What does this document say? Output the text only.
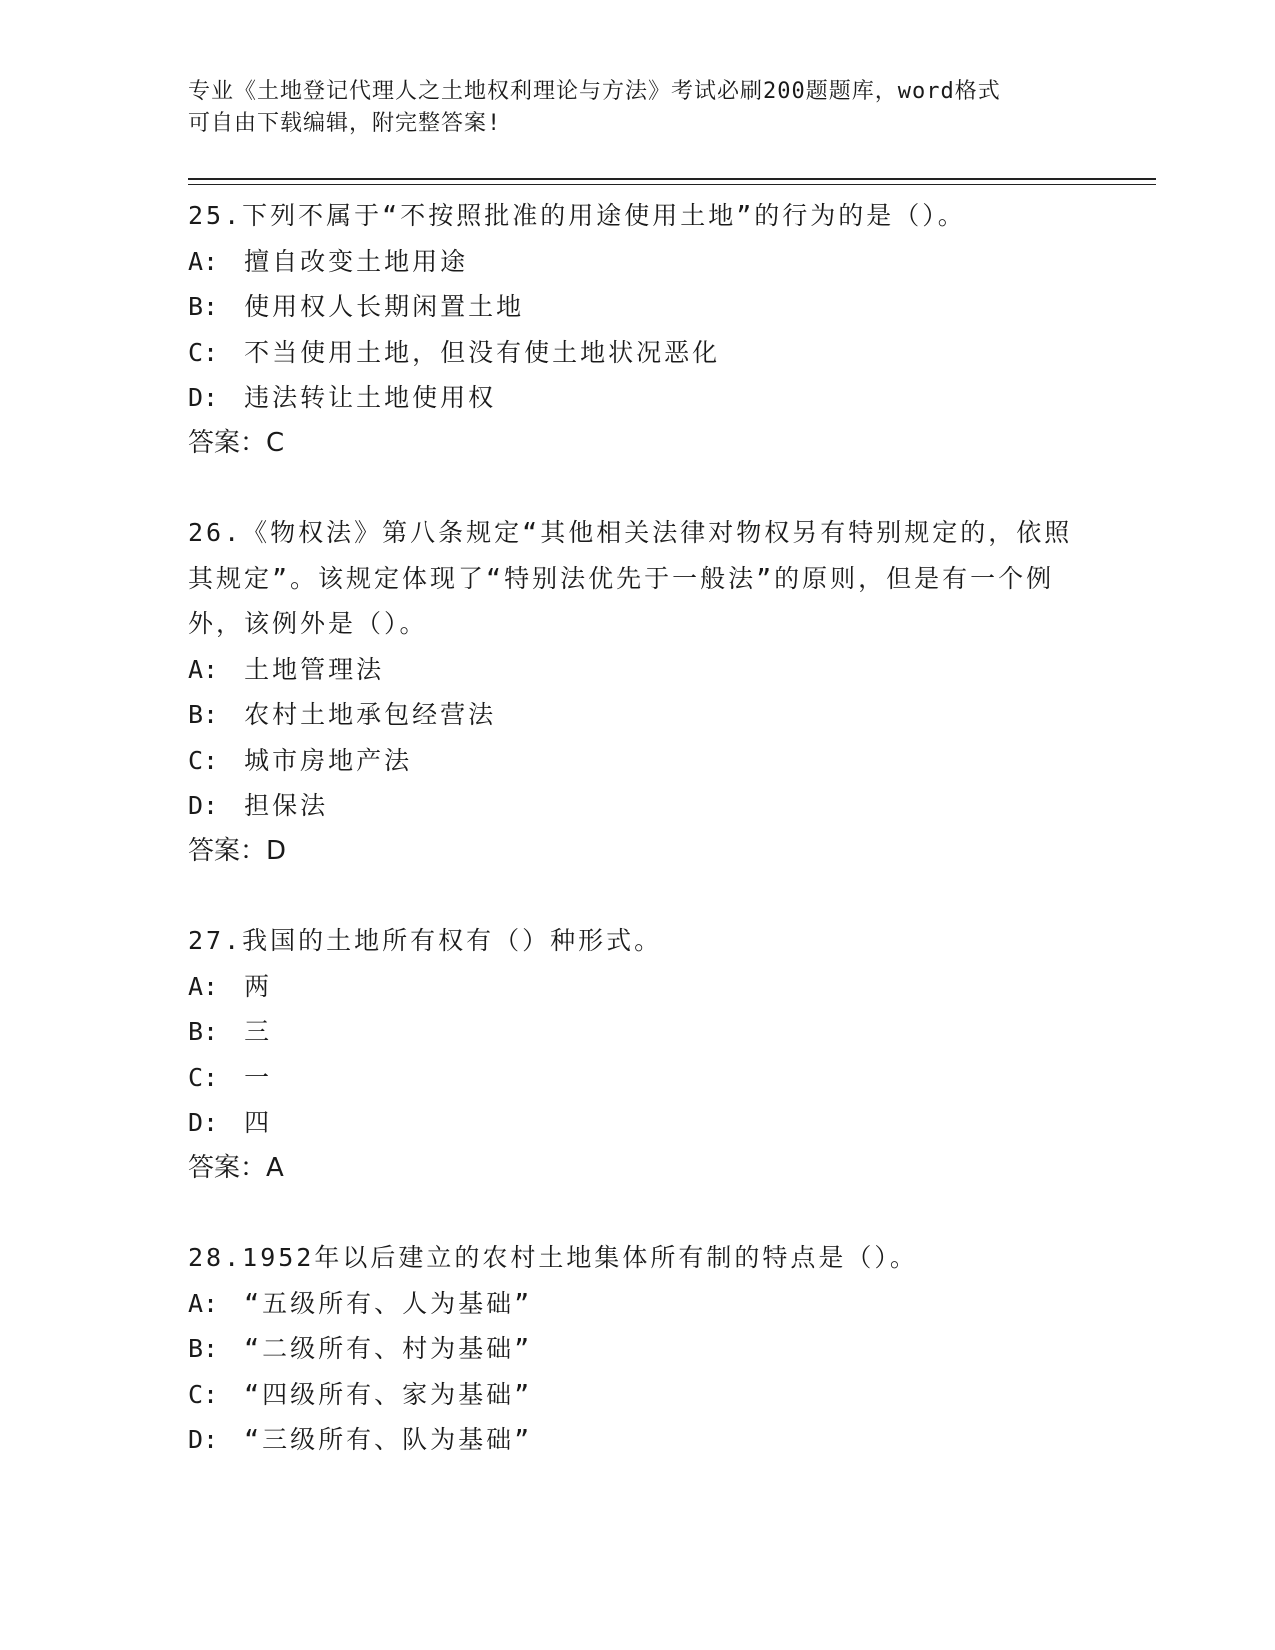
专业《土地登记代理人之土地权利理论与方法》考试必刷200题题库，word格式
可自由下载编辑，附完整答案!

25.下列不属于“不按照批准的用途使用土地”的行为的是（）。

A: 擅自改变土地用途

B: 使用权人长期闲置土地

C: 不当使用土地，但没有使土地状况恶化

D: 违法转让土地使用权

答案：C

26.《物权法》第八条规定“其他相关法律对物权另有特别规定的，依照其规定”。该规定体现了“特别法优先于一般法”的原则，但是有一个例外，该例外是（）。

A: 土地管理法

B: 农村土地承包经营法

C: 城市房地产法

D: 担保法

答案：D

27.我国的土地所有权有（）种形式。

A: 两

B: 三

C: 一

D: 四

答案：A

28.1952年以后建立的农村土地集体所有制的特点是（）。

A: “五级所有、人为基础”

B: “二级所有、村为基础”

C: “四级所有、家为基础”

D: “三级所有、队为基础”
